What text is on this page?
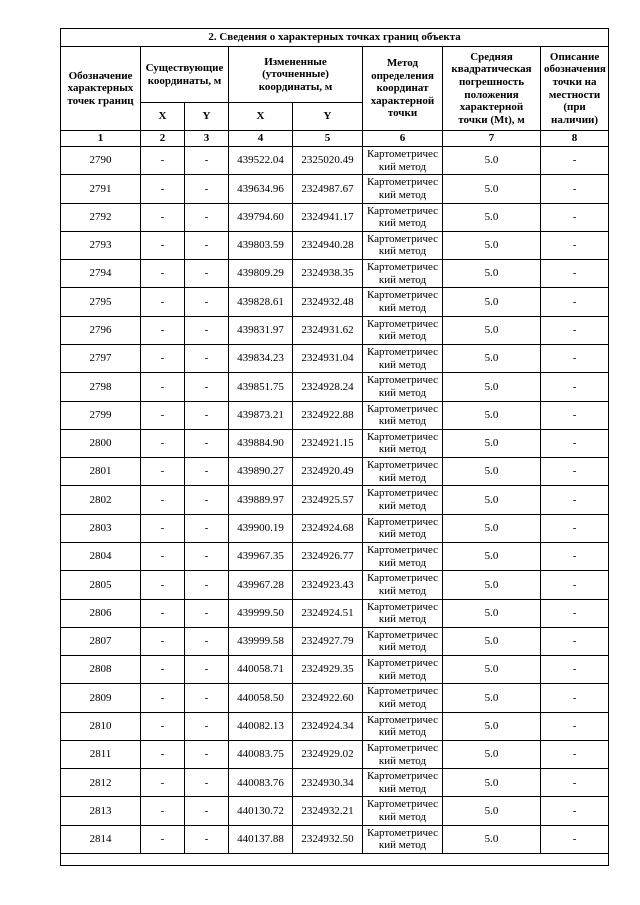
2. Сведения о характерных точках границ объекта							
Обозначение характерных точек границ	Существующие координаты, м		Измененные (уточненные) координаты, м		Метод определения координат характерной точки	Средняя квадратическая погрешность положения характерной точки (Mt), м	Описание обозначения точки на местности (при наличии)
	X	Y	X	Y			
1	2	3	4	5	6	7	8
2790	-	-	439522.04	2325020.49	Картометрический метод	5.0	-
2791	-	-	439634.96	2324987.67	Картометрический метод	5.0	-
2792	-	-	439794.60	2324941.17	Картометрический метод	5.0	-
2793	-	-	439803.59	2324940.28	Картометрический метод	5.0	-
2794	-	-	439809.29	2324938.35	Картометрический метод	5.0	-
2795	-	-	439828.61	2324932.48	Картометрический метод	5.0	-
2796	-	-	439831.97	2324931.62	Картометрический метод	5.0	-
2797	-	-	439834.23	2324931.04	Картометрический метод	5.0	-
2798	-	-	439851.75	2324928.24	Картометрический метод	5.0	-
2799	-	-	439873.21	2324922.88	Картометрический метод	5.0	-
2800	-	-	439884.90	2324921.15	Картометрический метод	5.0	-
2801	-	-	439890.27	2324920.49	Картометрический метод	5.0	-
2802	-	-	439889.97	2324925.57	Картометрический метод	5.0	-
2803	-	-	439900.19	2324924.68	Картометрический метод	5.0	-
2804	-	-	439967.35	2324926.77	Картометрический метод	5.0	-
2805	-	-	439967.28	2324923.43	Картометрический метод	5.0	-
2806	-	-	439999.50	2324924.51	Картометрический метод	5.0	-
2807	-	-	439999.58	2324927.79	Картометрический метод	5.0	-
2808	-	-	440058.71	2324929.35	Картометрический метод	5.0	-
2809	-	-	440058.50	2324922.60	Картометрический метод	5.0	-
2810	-	-	440082.13	2324924.34	Картометрический метод	5.0	-
2811	-	-	440083.75	2324929.02	Картометрический метод	5.0	-
2812	-	-	440083.76	2324930.34	Картометрический метод	5.0	-
2813	-	-	440130.72	2324932.21	Картометрический метод	5.0	-
2814	-	-	440137.88	2324932.50	Картометрический метод	5.0	-
